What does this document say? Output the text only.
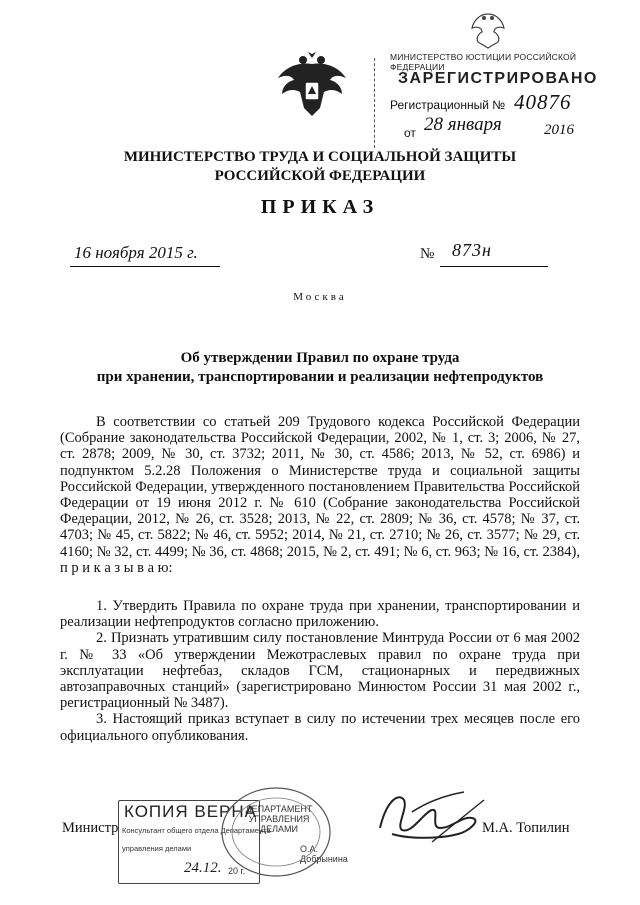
МИНИСТЕРСТВО ЮСТИЦИИ РОССИЙСКОЙ ФЕДЕРАЦИИ
ЗАРЕГИСТРИРОВАНО
Регистрационный № 40876
от 28 января	2016
МИНИСТЕРСТВО ТРУДА И СОЦИАЛЬНОЙ ЗАЩИТЫ
РОССИЙСКОЙ ФЕДЕРАЦИИ
ПРИКАЗ
16 ноября 2015 г.	№ 873н
Москва
Об утверждении Правил по охране труда
при хранении, транспортировании и реализации нефтепродуктов

В соответствии со статьей 209 Трудового кодекса Российской Федерации (Собрание законодательства Российской Федерации, 2002, № 1, ст. 3; 2006, № 27, ст. 2878; 2009, № 30, ст. 3732; 2011, № 30, ст. 4586; 2013, № 52, ст. 6986) и подпунктом 5.2.28 Положения о Министерстве труда и социальной защиты Российской Федерации, утвержденного постановлением Правительства Российской Федерации от 19 июня 2012 г. № 610 (Собрание законодательства Российской Федерации, 2012, № 26, ст. 3528; 2013, № 22, ст. 2809; № 36, ст. 4578; № 37, ст. 4703; № 45, ст. 5822; № 46, ст. 5952; 2014, № 21, ст. 2710; № 26, ст. 3577; № 29, ст. 4160; № 32, ст. 4499; № 36, ст. 4868; 2015, № 2, ст. 491; № 6, ст. 963; № 16, ст. 2384), п р и к а з ы в а ю:

1. Утвердить Правила по охране труда при хранении, транспортировании и реализации нефтепродуктов согласно приложению.

2. Признать утратившим силу постановление Минтруда России от 6 мая 2002 г. № 33 «Об утверждении Межотраслевых правил по охране труда при эксплуатации нефтебаз, складов ГСМ, стационарных и передвижных автозаправочных станций» (зарегистрировано Минюстом России 31 мая 2002 г., регистрационный № 3487).

3. Настоящий приказ вступает в силу по истечении трех месяцев после его официального опубликования.

КОПИЯ ВЕРНА
Консультант общего отдела Департамента
управления делами	О.А. Добрынина
24.12. 20 г.
ДЕПАРТАМЕНТ УПРАВЛЕНИЯ ДЕЛАМИ
Министр	М.А. Топилин
